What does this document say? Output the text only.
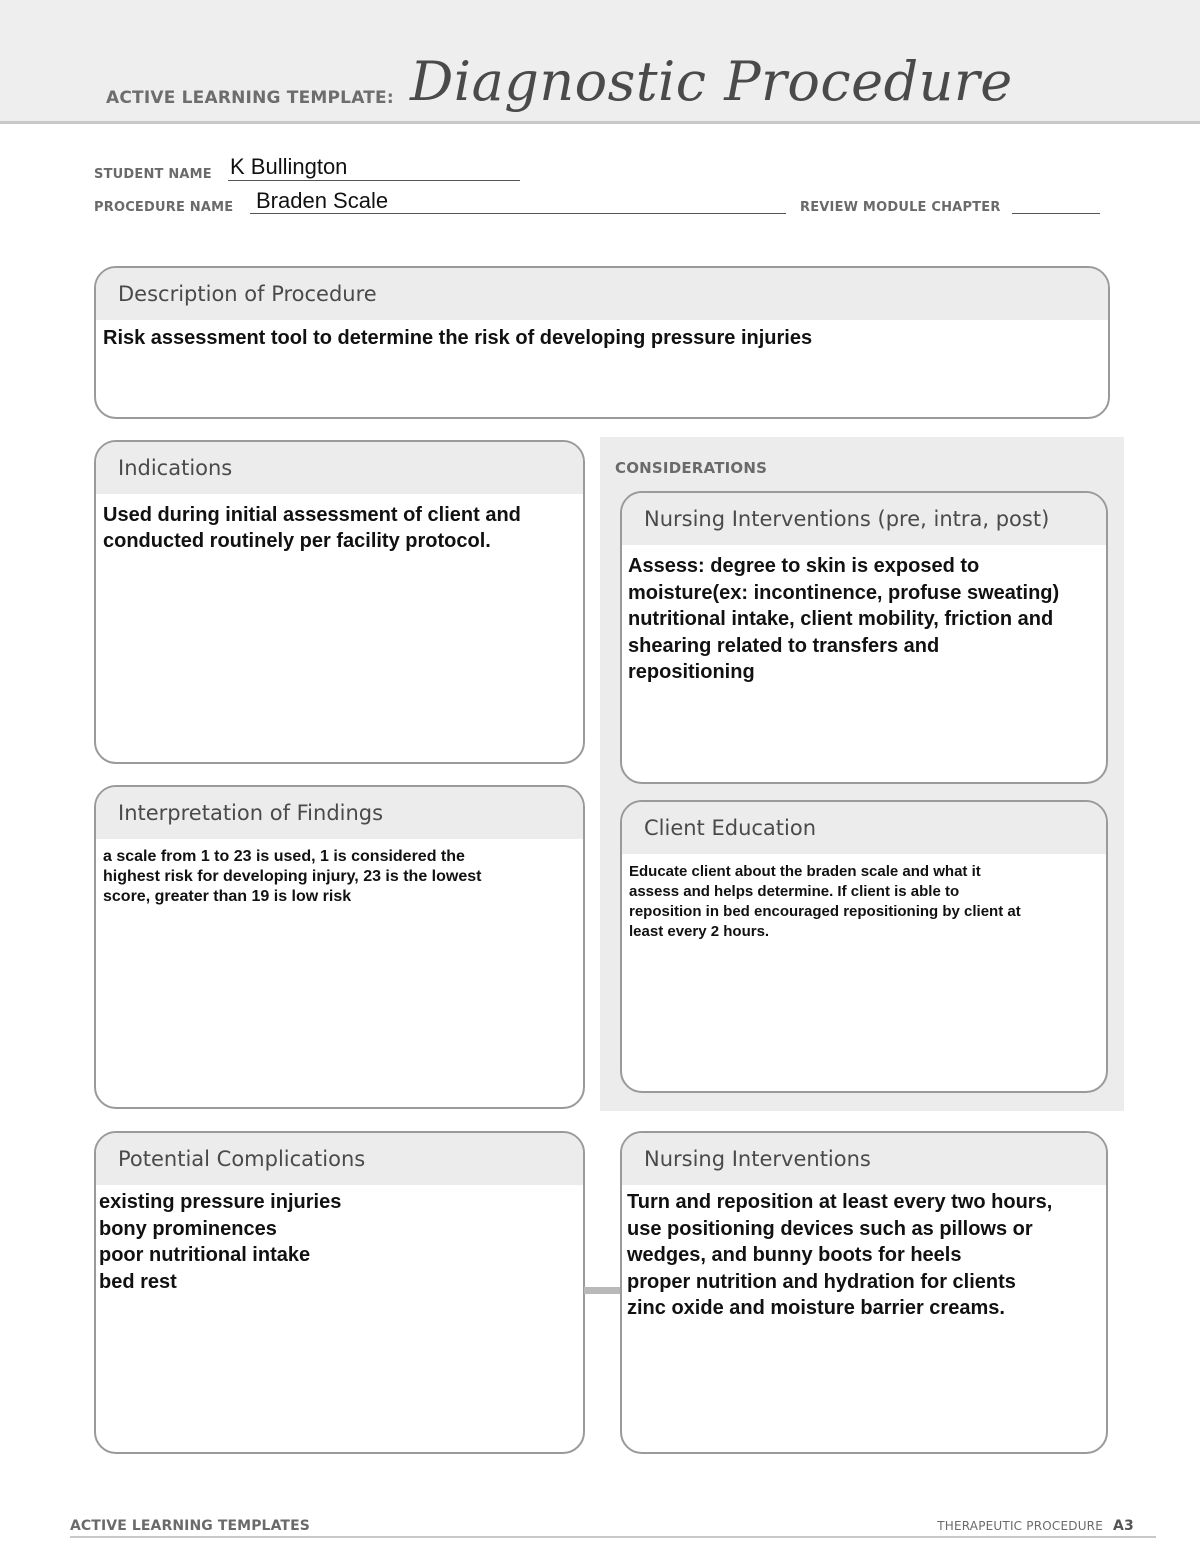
ACTIVE LEARNING TEMPLATE: Diagnostic Procedure
STUDENT NAME K Bullington
PROCEDURE NAME Braden Scale	REVIEW MODULE CHAPTER
Description of Procedure
Risk assessment tool to determine the risk of developing pressure injuries
CONSIDERATIONS
Indications
Used during initial assessment of client and
conducted routinely per facility protocol.
Nursing Interventions (pre, intra, post)
Assess: degree to skin is exposed to
moisture(ex: incontinence, profuse sweating)
nutritional intake, client mobility, friction and
shearing related to transfers and
repositioning
Interpretation of Findings
a scale from 1 to 23 is used, 1 is considered the
highest risk for developing injury, 23 is the lowest
score, greater than 19 is low risk
Client Education
Educate client about the braden scale and what it
assess and helps determine. If client is able to
reposition in bed encouraged repositioning by client at
least every 2 hours.
Potential Complications
existing pressure injuries
bony prominences
poor nutritional intake
bed rest
Nursing Interventions
Turn and reposition at least every two hours,
use positioning devices such as pillows or
wedges, and bunny boots for heels
proper nutrition and hydration for clients
zinc oxide and moisture barrier creams.
ACTIVE LEARNING TEMPLATES	THERAPEUTIC PROCEDURE A3
